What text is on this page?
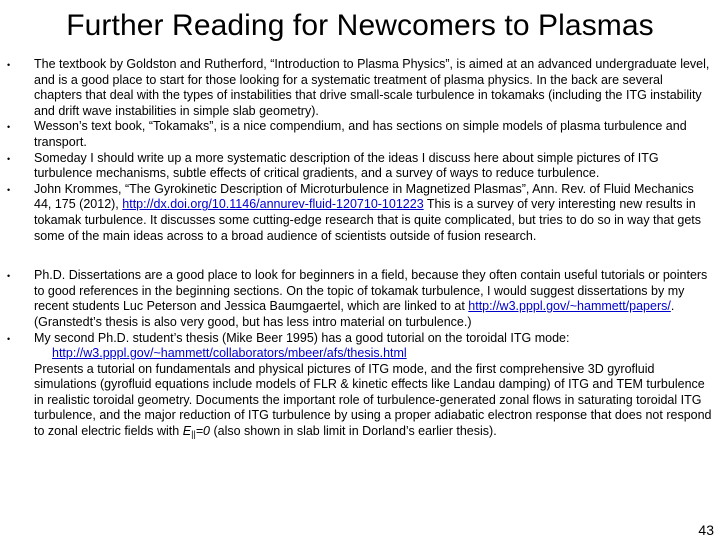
Further Reading for Newcomers to Plasmas
• The textbook by Goldston and Rutherford, “Introduction to Plasma Physics”, is aimed at an advanced undergraduate level, and is a good place to start for those looking for a systematic treatment of plasma physics. In the back are several chapters that deal with the types of instabilities that drive small-scale turbulence in tokamaks (including the ITG instability and drift wave instabilities in simple slab geometry).
• Wesson’s text book, “Tokamaks”, is a nice compendium, and has sections on simple models of plasma turbulence and transport.
• Someday I should write up a more systematic description of the ideas I discuss here about simple pictures of ITG turbulence mechanisms, subtle effects of critical gradients, and a survey of ways to reduce turbulence.
• John Krommes, “The Gyrokinetic Description of Microturbulence in Magnetized Plasmas”, Ann. Rev. of Fluid Mechanics 44, 175 (2012), http://dx.doi.org/10.1146/annurev-fluid-120710-101223 This is a survey of very interesting new results in tokamak turbulence. It discusses some cutting-edge research that is quite complicated, but tries to do so in way that gets some of the main ideas across to a broad audience of scientists outside of fusion research.
• Ph.D. Dissertations are a good place to look for beginners in a field, because they often contain useful tutorials or pointers to good references in the beginning sections. On the topic of tokamak turbulence, I would suggest dissertations by my recent students Luc Peterson and Jessica Baumgaertel, which are linked to at http://w3.pppl.gov/~hammett/papers/. (Granstedt’s thesis is also very good, but has less intro material on turbulence.)
• My second Ph.D. student’s thesis (Mike Beer 1995) has a good tutorial on the toroidal ITG mode:
http://w3.pppl.gov/~hammett/collaborators/mbeer/afs/thesis.html
Presents a tutorial on fundamentals and physical pictures of ITG mode, and the first comprehensive 3D gyrofluid simulations (gyrofluid equations include models of FLR & kinetic effects like Landau damping) of ITG and TEM turbulence in realistic toroidal geometry. Documents the important role of turbulence-generated zonal flows in saturating toroidal ITG turbulence, and the major reduction of ITG turbulence by using a proper adiabatic electron response that does not respond to zonal electric fields with $E_{||}=0$ (also shown in slab limit in Dorland’s earlier thesis).
43
